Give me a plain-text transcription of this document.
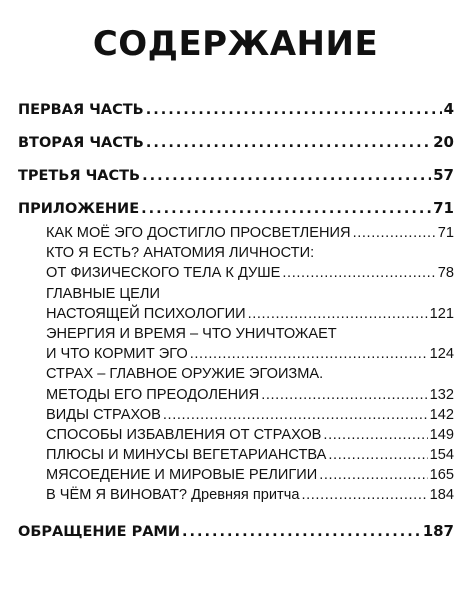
СОДЕРЖАНИЕ
ПЕРВАЯ ЧАСТЬ .....	4
ВТОРАЯ ЧАСТЬ .....	20
ТРЕТЬЯ ЧАСТЬ .....	57
ПРИЛОЖЕНИЕ .....	71
КАК МОЁ ЭГО ДОСТИГЛО ПРОСВЕТЛЕНИЯ .....	71
КТО Я ЕСТЬ? АНАТОМИЯ ЛИЧНОСТИ:
ОТ ФИЗИЧЕСКОГО ТЕЛА К ДУШЕ .....	78
ГЛАВНЫЕ ЦЕЛИ
НАСТОЯЩЕЙ ПСИХОЛОГИИ .....	121
ЭНЕРГИЯ И ВРЕМЯ – ЧТО УНИЧТОЖАЕТ
И ЧТО КОРМИТ ЭГО .....	124
СТРАХ – ГЛАВНОЕ ОРУЖИЕ ЭГОИЗМА.
МЕТОДЫ ЕГО ПРЕОДОЛЕНИЯ .....	132
ВИДЫ СТРАХОВ .....	142
СПОСОБЫ ИЗБАВЛЕНИЯ ОТ СТРАХОВ .....	149
ПЛЮСЫ И МИНУСЫ ВЕГЕТАРИАНСТВА .....	154
МЯСОЕДЕНИЕ И МИРОВЫЕ РЕЛИГИИ .....	165
В ЧЁМ Я ВИНОВАТ? Древняя притча .....	184
ОБРАЩЕНИЕ РАМИ .....	187
